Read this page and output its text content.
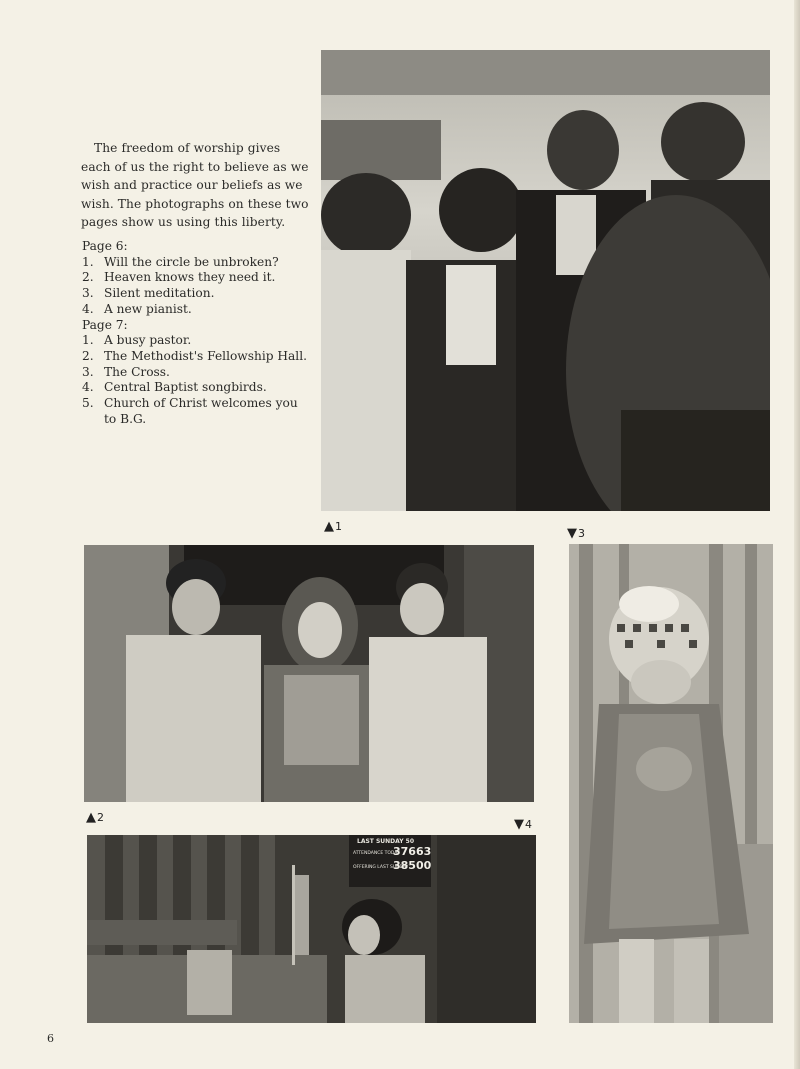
The freedom of worship gives each of us the right to believe as we wish and practice our beliefs as we wish. The photographs on these two pages show us using this liberty.

Page 6:
1. Will the circle be unbroken?
2. Heaven knows they need it.
3. Silent meditation.
4. A new pianist.
Page 7:
1. A busy pastor.
2. The Methodist's Fellowship Hall.
3. The Cross.
4. Central Baptist songbirds.
5. Church of Christ welcomes you to B.G.
▲ 1
▲ 2	▼ 4
LAST SUNDAY 50
ATTENDANCE TODAY
37663
OFFERING LAST SUNDAY
38500
▼ 3
6
